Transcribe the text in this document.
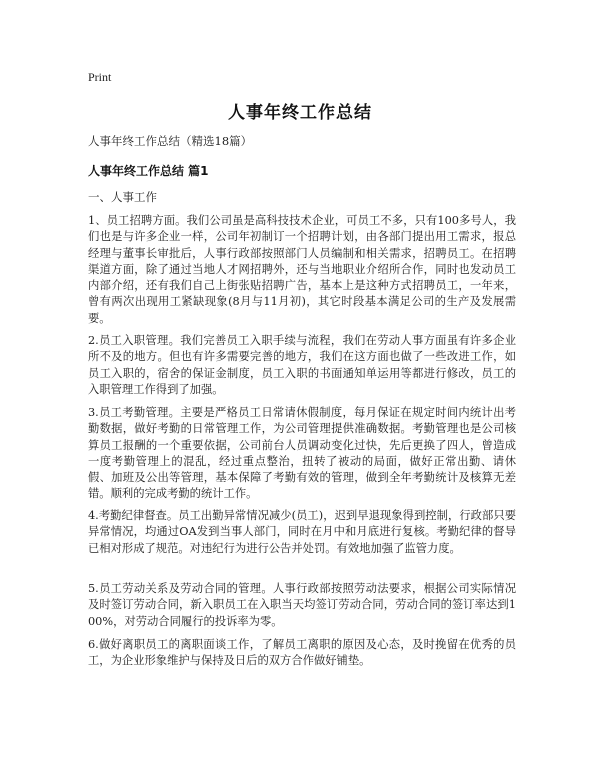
Print
人事年终工作总结
人事年终工作总结（精选18篇）
人事年终工作总结 篇1
一、人事工作

1、员工招聘方面。我们公司虽是高科技技术企业，可员工不多，只有100多号人，我们也是与许多企业一样，公司年初制订一个招聘计划，由各部门提出用工需求，报总经理与董事长审批后，人事行政部按照部门人员编制和相关需求，招聘员工。在招聘渠道方面，除了通过当地人才网招聘外，还与当地职业介绍所合作，同时也发动员工内部介绍，还有我们自己上街张贴招聘广告，基本上是这种方式招聘员工，一年来，曾有两次出现用工紧缺现象(8月与11月初)，其它时段基本满足公司的生产及发展需要。

2.员工入职管理。我们完善员工入职手续与流程，我们在劳动人事方面虽有许多企业所不及的地方。但也有许多需要完善的地方，我们在这方面也做了一些改进工作，如员工入职的，宿舍的保证金制度，员工入职的书面通知单运用等都进行修改，员工的入职管理工作得到了加强。

3.员工考勤管理。主要是严格员工日常请休假制度，每月保证在规定时间内统计出考勤数据，做好考勤的日常管理工作，为公司管理提供准确数据。考勤管理也是公司核算员工报酬的一个重要依据，公司前台人员调动变化过快，先后更换了四人，曾造成一度考勤管理上的混乱，经过重点整治，扭转了被动的局面，做好正常出勤、请休假、加班及公出等管理，基本保障了考勤有效的管理，做到全年考勤统计及核算无差错。顺利的完成考勤的统计工作。

4.考勤纪律督查。员工出勤异常情况减少(员工)，迟到早退现象得到控制，行政部只要异常情况，均通过OA发到当事人部门，同时在月中和月底进行复核。考勤纪律的督导已相对形成了规范。对违纪行为进行公告并处罚。有效地加强了监管力度。

5.员工劳动关系及劳动合同的管理。人事行政部按照劳动法要求，根据公司实际情况及时签订劳动合同，新入职员工在入职当天均签订劳动合同，劳动合同的签订率达到100%，对劳动合同履行的投诉率为零。

6.做好离职员工的离职面谈工作，了解员工离职的原因及心态，及时挽留在优秀的员工，为企业形象维护与保持及日后的双方合作做好铺垫。
